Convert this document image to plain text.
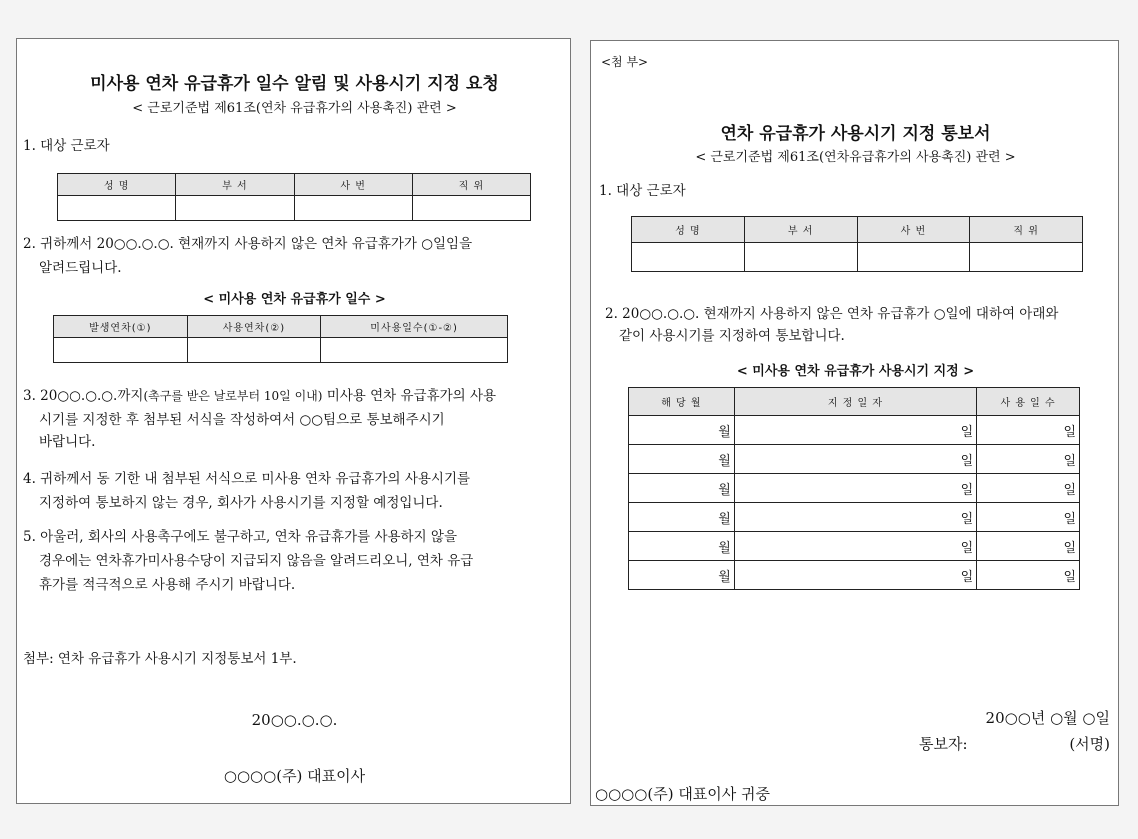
미사용 연차 유급휴가 일수 알림 및 사용시기 지정 요청
< 근로기준법 제61조(연차 유급휴가의 사용촉진) 관련 >
1. 대상 근로자
성 명	부 서	사 번	직 위

2. 귀하께서 20○○.○.○. 현재까지 사용하지 않은 연차 유급휴가가 ○일임을
알려드립니다.
< 미사용 연차 유급휴가 일수 >
발생연차(①)	사용연차(②)	미사용일수(①-②)

3. 20○○.○.○.까지(촉구를 받은 날로부터 10일 이내) 미사용 연차 유급휴가의 사용
시기를 지정한 후 첨부된 서식을 작성하여서 ○○팀으로 통보해주시기
바랍니다.
4. 귀하께서 동 기한 내 첨부된 서식으로 미사용 연차 유급휴가의 사용시기를
지정하여 통보하지 않는 경우, 회사가 사용시기를 지정할 예정입니다.
5. 아울러, 회사의 사용촉구에도 불구하고, 연차 유급휴가를 사용하지 않을
경우에는 연차휴가미사용수당이 지급되지 않음을 알려드리오니, 연차 유급
휴가를 적극적으로 사용해 주시기 바랍니다.
첨부: 연차 유급휴가 사용시기 지정통보서 1부.
20○○.○.○.
○○○○(주) 대표이사
<첨 부>
연차 유급휴가 사용시기 지정 통보서
< 근로기준법 제61조(연차유급휴가의 사용촉진) 관련 >
1. 대상 근로자
성 명	부 서	사 번	직 위

2. 20○○.○.○. 현재까지 사용하지 않은 연차 유급휴가 ○일에 대하여 아래와
같이 사용시기를 지정하여 통보합니다.
< 미사용 연차 유급휴가 사용시기 지정 >
해 당 월	지 정 일 자	사 용 일 수
월	일	일
월	일	일
월	일	일
월	일	일
월	일	일
월	일	일
20○○년 ○월 ○일
통보자:	(서명)
○○○○(주) 대표이사 귀중
